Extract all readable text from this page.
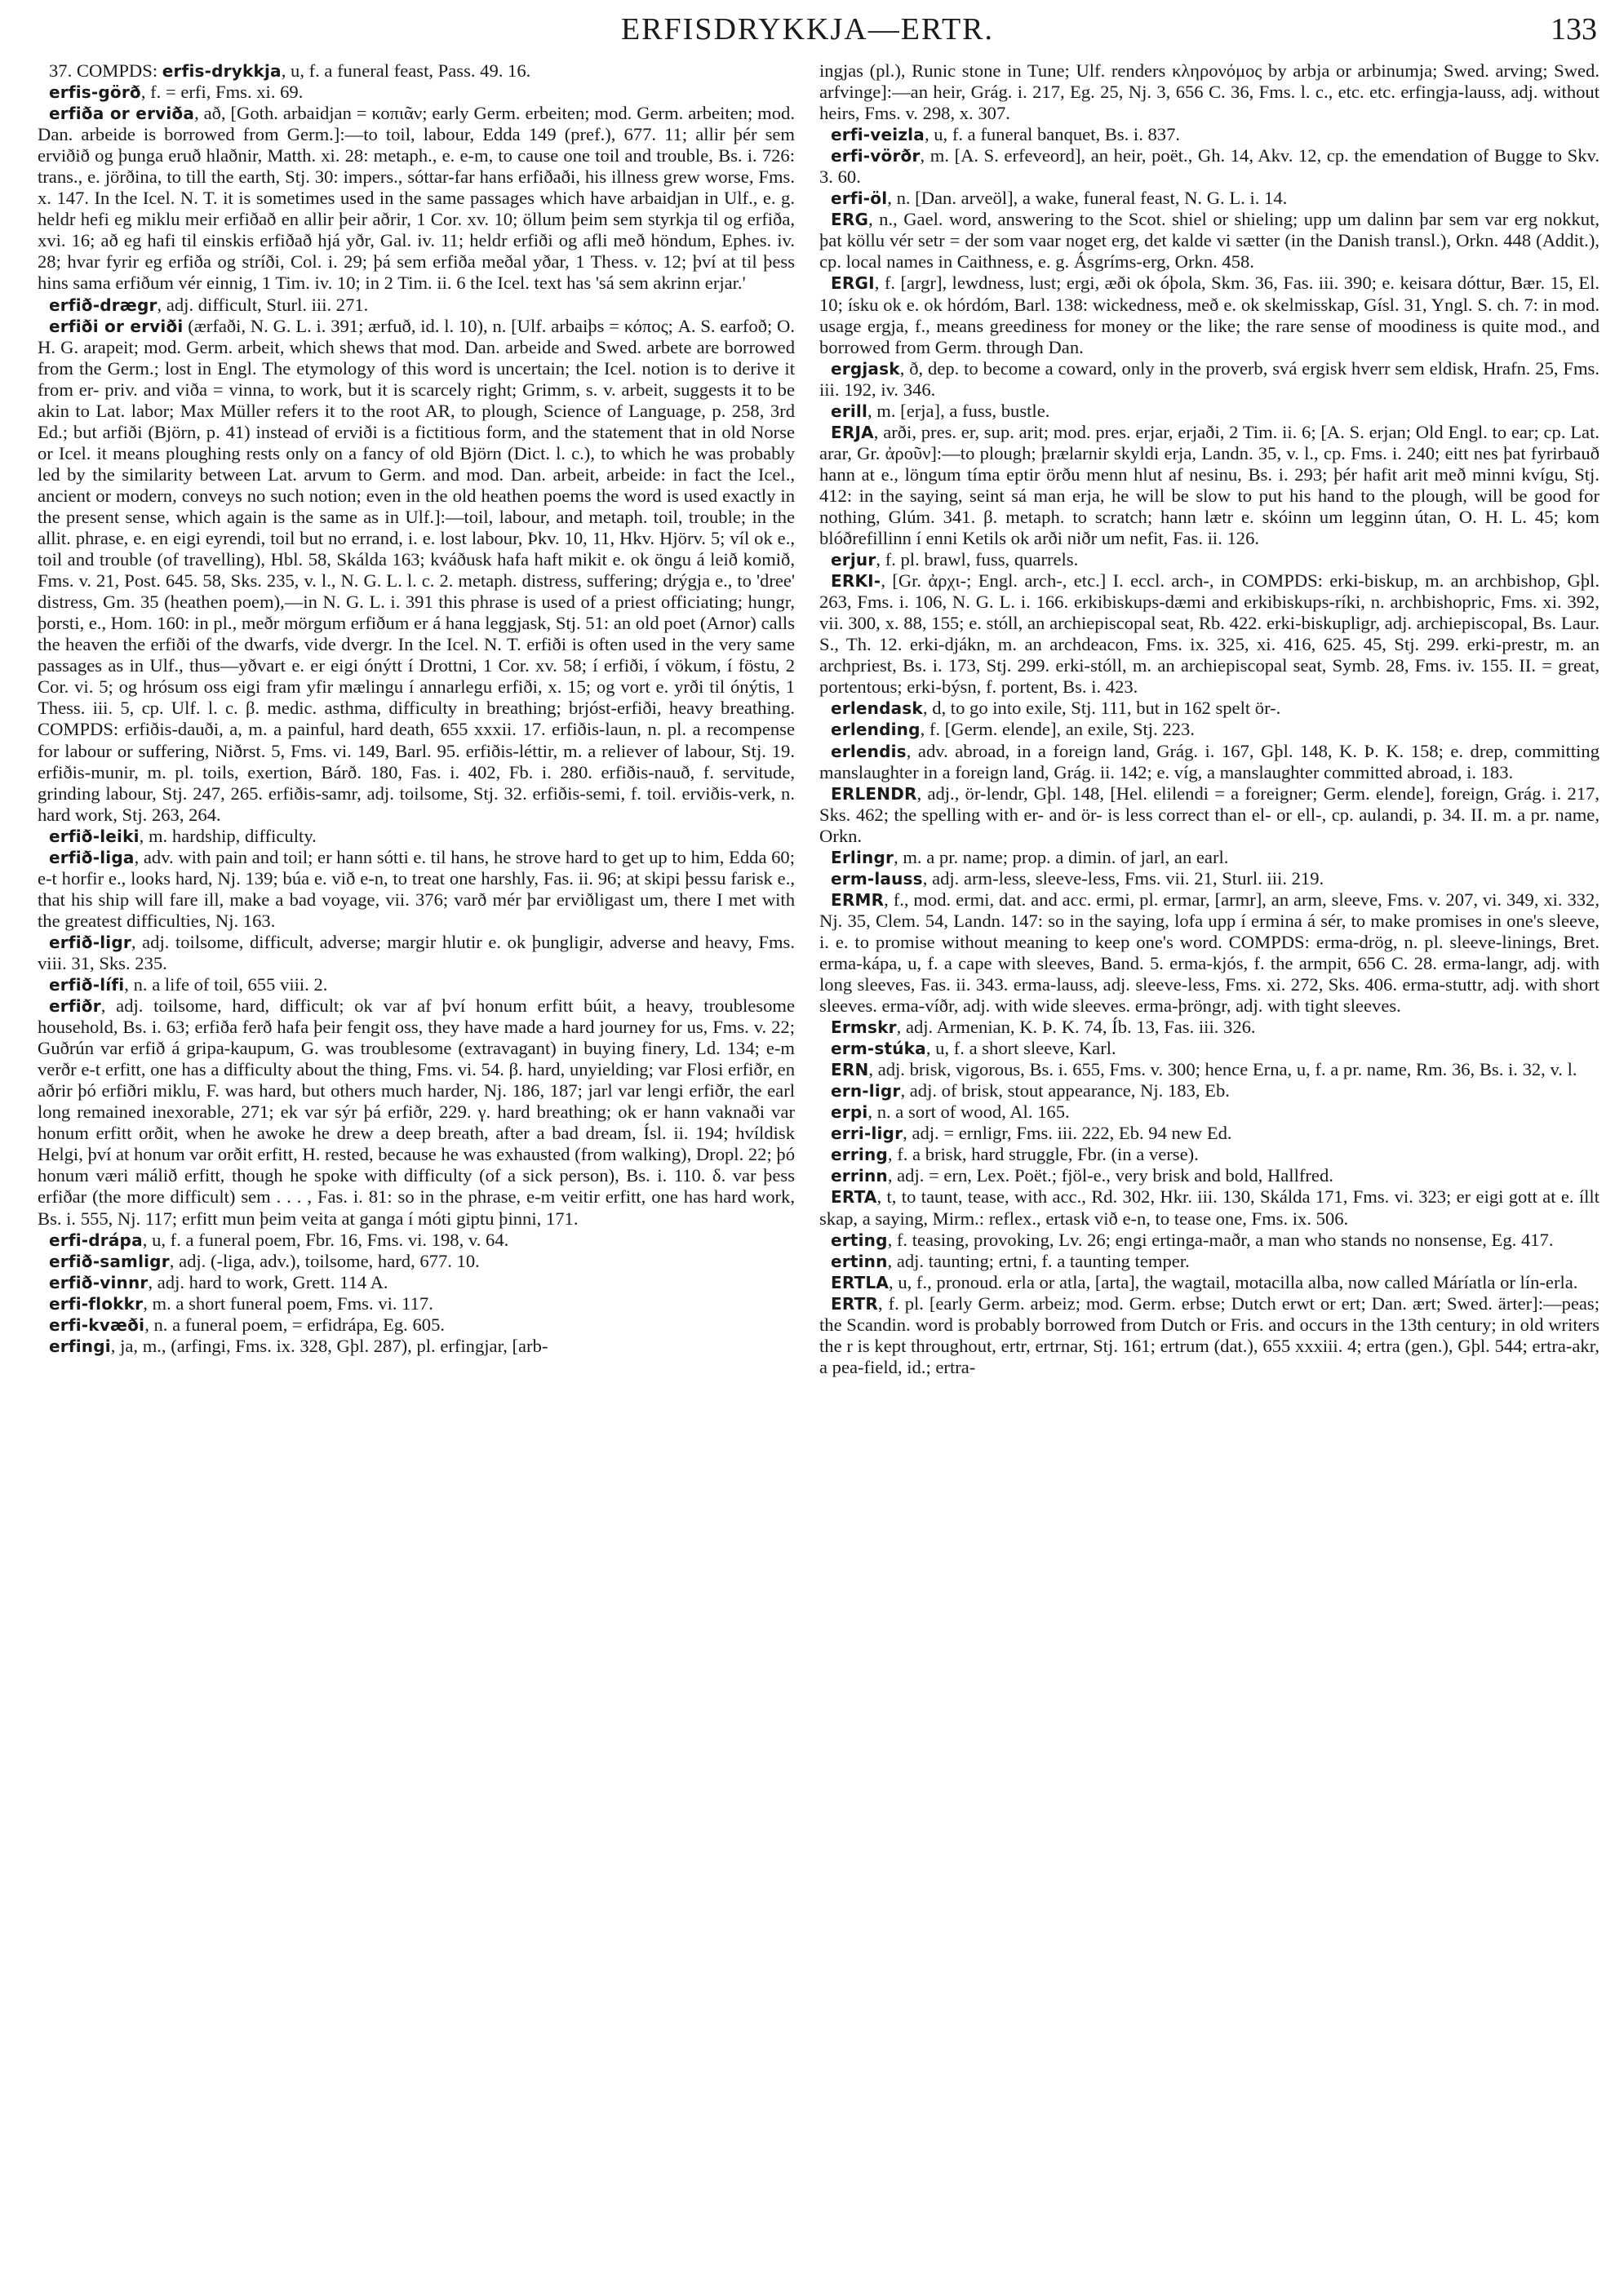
ERFISDRYKKJA—ERTR.	133

37. COMPDS: erfis-drykkja, u, f. a funeral feast, Pass. 49. 16.

erfis-görð, f. = erfi, Fms. xi. 69.

erfiða or erviða, að, [Goth. arbaidjan = κοπιᾶν; early Germ. erbeiten; mod. Germ. arbeiten; mod. Dan. arbeide is borrowed from Germ.]:—to toil, labour, Edda 149 (pref.), 677. 11; allir þér sem erviðið og þunga eruð hlaðnir, Matth. xi. 28: metaph., e. e-m, to cause one toil and trouble, Bs. i. 726: trans., e. jörðina, to till the earth, Stj. 30: impers., sóttar-far hans erfiðaði, his illness grew worse, Fms. x. 147. In the Icel. N. T. it is sometimes used in the same passages which have arbaidjan in Ulf., e. g. heldr hefi eg miklu meir erfiðað en allir þeir aðrir, 1 Cor. xv. 10; öllum þeim sem styrkja til og erfiða, xvi. 16; að eg hafi til einskis erfiðað hjá yðr, Gal. iv. 11; heldr erfiði og afli með höndum, Ephes. iv. 28; hvar fyrir eg erfiða og stríði, Col. i. 29; þá sem erfiða meðal yðar, 1 Thess. v. 12; því at til þess hins sama erfiðum vér einnig, 1 Tim. iv. 10; in 2 Tim. ii. 6 the Icel. text has 'sá sem akrinn erjar.'

erfið-drægr, adj. difficult, Sturl. iii. 271.

erfiði or erviði (ærfaði, N. G. L. i. 391; ærfuð, id. l. 10), n. [Ulf. arbaiþs = κόπος; A. S. earfoð; O. H. G. arapeit; mod. Germ. arbeit, which shews that mod. Dan. arbeide and Swed. arbete are borrowed from the Germ.; lost in Engl. The etymology of this word is uncertain; the Icel. notion is to derive it from er- priv. and viða = vinna, to work, but it is scarcely right; Grimm, s. v. arbeit, suggests it to be akin to Lat. labor; Max Müller refers it to the root AR, to plough, Science of Language, p. 258, 3rd Ed.; but arfiði (Björn, p. 41) instead of erviði is a fictitious form, and the statement that in old Norse or Icel. it means ploughing rests only on a fancy of old Björn (Dict. l. c.), to which he was probably led by the similarity between Lat. arvum to Germ. and mod. Dan. arbeit, arbeide: in fact the Icel., ancient or modern, conveys no such notion; even in the old heathen poems the word is used exactly in the present sense, which again is the same as in Ulf.]:—toil, labour, and metaph. toil, trouble; in the allit. phrase, e. en eigi eyrendi, toil but no errand, i. e. lost labour, Þkv. 10, 11, Hkv. Hjörv. 5; víl ok e., toil and trouble (of travelling), Hbl. 58, Skálda 163; kváðusk hafa haft mikit e. ok öngu á leið komið, Fms. v. 21, Post. 645. 58, Sks. 235, v. l., N. G. L. l. c. 2. metaph. distress, suffering; drýgja e., to 'dree' distress, Gm. 35 (heathen poem),—in N. G. L. i. 391 this phrase is used of a priest officiating; hungr, þorsti, e., Hom. 160: in pl., meðr mörgum erfiðum er á hana leggjask, Stj. 51: an old poet (Arnor) calls the heaven the erfiði of the dwarfs, vide dvergr. In the Icel. N. T. erfiði is often used in the very same passages as in Ulf., thus—yðvart e. er eigi ónýtt í Drottni, 1 Cor. xv. 58; í erfiði, í vökum, í föstu, 2 Cor. vi. 5; og hrósum oss eigi fram yfir mælingu í annarlegu erfiði, x. 15; og vort e. yrði til ónýtis, 1 Thess. iii. 5, cp. Ulf. l. c. β. medic. asthma, difficulty in breathing; brjóst-erfiði, heavy breathing. COMPDS: erfiðis-dauði, a, m. a painful, hard death, 655 xxxii. 17. erfiðis-laun, n. pl. a recompense for labour or suffering, Niðrst. 5, Fms. vi. 149, Barl. 95. erfiðis-léttir, m. a reliever of labour, Stj. 19. erfiðis-munir, m. pl. toils, exertion, Bárð. 180, Fas. i. 402, Fb. i. 280. erfiðis-nauð, f. servitude, grinding labour, Stj. 247, 265. erfiðis-samr, adj. toilsome, Stj. 32. erfiðis-semi, f. toil. erviðis-verk, n. hard work, Stj. 263, 264.

erfið-leiki, m. hardship, difficulty.

erfið-liga, adv. with pain and toil; er hann sótti e. til hans, he strove hard to get up to him, Edda 60; e-t horfir e., looks hard, Nj. 139; búa e. við e-n, to treat one harshly, Fas. ii. 96; at skipi þessu farisk e., that his ship will fare ill, make a bad voyage, vii. 376; varð mér þar erviðligast um, there I met with the greatest difficulties, Nj. 163.

erfið-ligr, adj. toilsome, difficult, adverse; margir hlutir e. ok þungligir, adverse and heavy, Fms. viii. 31, Sks. 235.

erfið-lífi, n. a life of toil, 655 viii. 2.

erfiðr, adj. toilsome, hard, difficult; ok var af því honum erfitt búit, a heavy, troublesome household, Bs. i. 63; erfiða ferð hafa þeir fengit oss, they have made a hard journey for us, Fms. v. 22; Guðrún var erfið á gripa-kaupum, G. was troublesome (extravagant) in buying finery, Ld. 134; e-m verðr e-t erfitt, one has a difficulty about the thing, Fms. vi. 54. β. hard, unyielding; var Flosi erfiðr, en aðrir þó erfiðri miklu, F. was hard, but others much harder, Nj. 186, 187; jarl var lengi erfiðr, the earl long remained inexorable, 271; ek var sýr þá erfiðr, 229. γ. hard breathing; ok er hann vaknaði var honum erfitt orðit, when he awoke he drew a deep breath, after a bad dream, Ísl. ii. 194; hvíldisk Helgi, því at honum var orðit erfitt, H. rested, because he was exhausted (from walking), Dropl. 22; þó honum væri málið erfitt, though he spoke with difficulty (of a sick person), Bs. i. 110. δ. var þess erfiðar (the more difficult) sem . . . , Fas. i. 81: so in the phrase, e-m veitir erfitt, one has hard work, Bs. i. 555, Nj. 117; erfitt mun þeim veita at ganga í móti giptu þinni, 171.

erfi-drápa, u, f. a funeral poem, Fbr. 16, Fms. vi. 198, v. 64.

erfið-samligr, adj. (-liga, adv.), toilsome, hard, 677. 10.

erfið-vinnr, adj. hard to work, Grett. 114 A.

erfi-flokkr, m. a short funeral poem, Fms. vi. 117.

erfi-kvæði, n. a funeral poem, = erfidrápa, Eg. 605.

erfingi, ja, m., (arfingi, Fms. ix. 328, Gþl. 287), pl. erfingjar, [arb-

ingjas (pl.), Runic stone in Tune; Ulf. renders κληρονόμος by arbja or arbinumja; Swed. arving; Swed. arfvinge]:—an heir, Grág. i. 217, Eg. 25, Nj. 3, 656 C. 36, Fms. l. c., etc. etc. erfingja-lauss, adj. without heirs, Fms. v. 298, x. 307.

erfi-veizla, u, f. a funeral banquet, Bs. i. 837.

erfi-vörðr, m. [A. S. erfeveord], an heir, poët., Gh. 14, Akv. 12, cp. the emendation of Bugge to Skv. 3. 60.

erfi-öl, n. [Dan. arveöl], a wake, funeral feast, N. G. L. i. 14.

ERG, n., Gael. word, answering to the Scot. shiel or shieling; upp um dalinn þar sem var erg nokkut, þat köllu vér setr = der som vaar noget erg, det kalde vi sætter (in the Danish transl.), Orkn. 448 (Addit.), cp. local names in Caithness, e. g. Ásgríms-erg, Orkn. 458.

ERGI, f. [argr], lewdness, lust; ergi, æði ok óþola, Skm. 36, Fas. iii. 390; e. keisara dóttur, Bær. 15, El. 10; ísku ok e. ok hórdóm, Barl. 138: wickedness, með e. ok skelmisskap, Gísl. 31, Yngl. S. ch. 7: in mod. usage ergja, f., means greediness for money or the like; the rare sense of moodiness is quite mod., and borrowed from Germ. through Dan.

ergjask, ð, dep. to become a coward, only in the proverb, svá ergisk hverr sem eldisk, Hrafn. 25, Fms. iii. 192, iv. 346.

erill, m. [erja], a fuss, bustle.

ERJA, arði, pres. er, sup. arit; mod. pres. erjar, erjaði, 2 Tim. ii. 6; [A. S. erjan; Old Engl. to ear; cp. Lat. arar, Gr. ἀροῦν]:—to plough; þrælarnir skyldi erja, Landn. 35, v. l., cp. Fms. i. 240; eitt nes þat fyrirbauð hann at e., löngum tíma eptir örðu menn hlut af nesinu, Bs. i. 293; þér hafit arit með minni kvígu, Stj. 412: in the saying, seint sá man erja, he will be slow to put his hand to the plough, will be good for nothing, Glúm. 341. β. metaph. to scratch; hann lætr e. skóinn um legginn útan, O. H. L. 45; kom blóðrefillinn í enni Ketils ok arði niðr um nefit, Fas. ii. 126.

erjur, f. pl. brawl, fuss, quarrels.

ERKI-, [Gr. ἀρχι-; Engl. arch-, etc.] I. eccl. arch-, in COMPDS: erki-biskup, m. an archbishop, Gþl. 263, Fms. i. 106, N. G. L. i. 166. erkibiskups-dæmi and erkibiskups-ríki, n. archbishopric, Fms. xi. 392, vii. 300, x. 88, 155; e. stóll, an archiepiscopal seat, Rb. 422. erki-biskupligr, adj. archiepiscopal, Bs. Laur. S., Th. 12. erki-djákn, m. an archdeacon, Fms. ix. 325, xi. 416, 625. 45, Stj. 299. erki-prestr, m. an archpriest, Bs. i. 173, Stj. 299. erki-stóll, m. an archiepiscopal seat, Symb. 28, Fms. iv. 155. II. = great, portentous; erki-býsn, f. portent, Bs. i. 423.

erlendask, d, to go into exile, Stj. 111, but in 162 spelt ör-.

erlending, f. [Germ. elende], an exile, Stj. 223.

erlendis, adv. abroad, in a foreign land, Grág. i. 167, Gþl. 148, K. Þ. K. 158; e. drep, committing manslaughter in a foreign land, Grág. ii. 142; e. víg, a manslaughter committed abroad, i. 183.

ERLENDR, adj., ör-lendr, Gþl. 148, [Hel. elilendi = a foreigner; Germ. elende], foreign, Grág. i. 217, Sks. 462; the spelling with er- and ör- is less correct than el- or ell-, cp. aulandi, p. 34. II. m. a pr. name, Orkn.

Erlingr, m. a pr. name; prop. a dimin. of jarl, an earl.

erm-lauss, adj. arm-less, sleeve-less, Fms. vii. 21, Sturl. iii. 219.

ERMR, f., mod. ermi, dat. and acc. ermi, pl. ermar, [armr], an arm, sleeve, Fms. v. 207, vi. 349, xi. 332, Nj. 35, Clem. 54, Landn. 147: so in the saying, lofa upp í ermina á sér, to make promises in one's sleeve, i. e. to promise without meaning to keep one's word. COMPDS: erma-drög, n. pl. sleeve-linings, Bret. erma-kápa, u, f. a cape with sleeves, Band. 5. erma-kjós, f. the armpit, 656 C. 28. erma-langr, adj. with long sleeves, Fas. ii. 343. erma-lauss, adj. sleeve-less, Fms. xi. 272, Sks. 406. erma-stuttr, adj. with short sleeves. erma-víðr, adj. with wide sleeves. erma-þröngr, adj. with tight sleeves.

Ermskr, adj. Armenian, K. Þ. K. 74, Íb. 13, Fas. iii. 326.

erm-stúka, u, f. a short sleeve, Karl.

ERN, adj. brisk, vigorous, Bs. i. 655, Fms. v. 300; hence Erna, u, f. a pr. name, Rm. 36, Bs. i. 32, v. l.

ern-ligr, adj. of brisk, stout appearance, Nj. 183, Eb.

erpi, n. a sort of wood, Al. 165.

erri-ligr, adj. = ernligr, Fms. iii. 222, Eb. 94 new Ed.

erring, f. a brisk, hard struggle, Fbr. (in a verse).

errinn, adj. = ern, Lex. Poët.; fjöl-e., very brisk and bold, Hallfred.

ERTA, t, to taunt, tease, with acc., Rd. 302, Hkr. iii. 130, Skálda 171, Fms. vi. 323; er eigi gott at e. íllt skap, a saying, Mirm.: reflex., ertask við e-n, to tease one, Fms. ix. 506.

erting, f. teasing, provoking, Lv. 26; engi ertinga-maðr, a man who stands no nonsense, Eg. 417.

ertinn, adj. taunting; ertni, f. a taunting temper.

ERTLA, u, f., pronoud. erla or atla, [arta], the wagtail, motacilla alba, now called Máríatla or lín-erla.

ERTR, f. pl. [early Germ. arbeiz; mod. Germ. erbse; Dutch erwt or ert; Dan. ært; Swed. ärter]:—peas; the Scandin. word is probably borrowed from Dutch or Fris. and occurs in the 13th century; in old writers the r is kept throughout, ertr, ertrnar, Stj. 161; ertrum (dat.), 655 xxxiii. 4; ertra (gen.), Gþl. 544; ertra-akr, a pea-field, id.; ertra-
